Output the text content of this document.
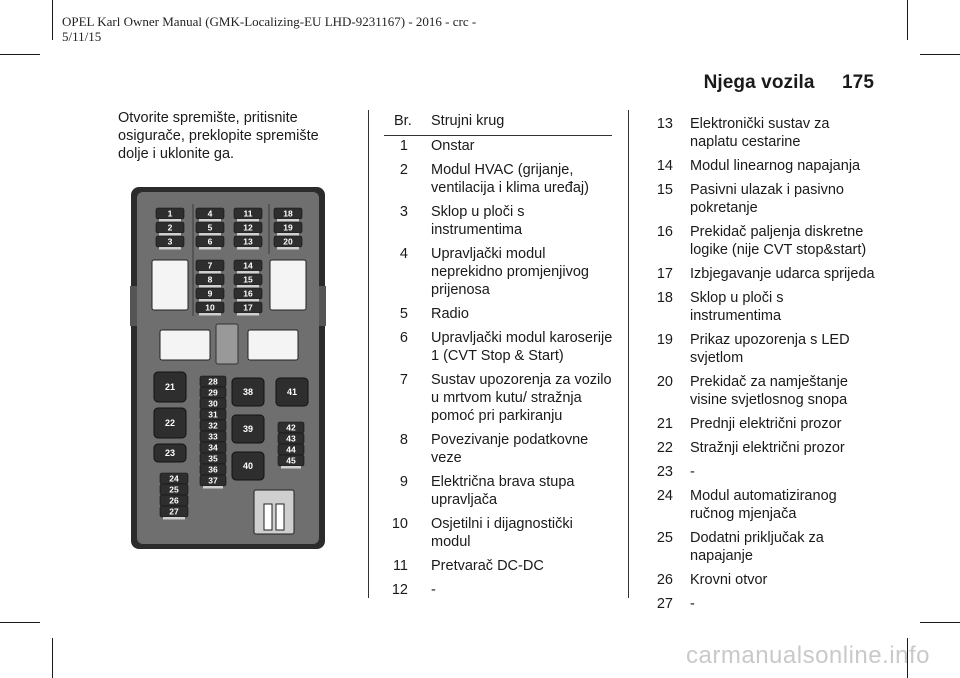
OPEL Karl Owner Manual (GMK-Localizing-EU LHD-9231167) - 2016 - crc -
5/11/15
Njega vozila 175
Otvorite spremište, pritisnite osigurače, preklopite spremište dolje i uklonite ga.
Br. Strujni krug
1 Onstar
2 Modul HVAC (grijanje, ventilacija i klima uređaj)
3 Sklop u ploči s instrumentima
4 Upravljački modul neprekidno promjenjivog prijenosa
5 Radio
6 Upravljački modul karoserije 1 (CVT Stop & Start)
7 Sustav upozorenja za vozilo u mrtvom kutu/ stražnja pomoć pri parkiranju
8 Povezivanje podatkovne veze
9 Električna brava stupa upravljača
10 Osjetilni i dijagnostički modul
11 Pretvarač DC-DC
12 -
13 Elektronički sustav za naplatu cestarine
14 Modul linearnog napajanja
15 Pasivni ulazak i pasivno pokretanje
16 Prekidač paljenja diskretne logike (nije CVT stop&start)
17 Izbjegavanje udarca sprijeda
18 Sklop u ploči s instrumentima
19 Prikaz upozorenja s LED svjetlom
20 Prekidač za namještanje visine svjetlosnog snopa
21 Prednji električni prozor
22 Stražnji električni prozor
23 -
24 Modul automatiziranog ručnog mjenjača
25 Dodatni priključak za napajanje
26 Krovni otvor
27 -
1
2
3
4
5
6
11
12
13
18
19
20
7
8
9
10
14
15
16
17
21
22
23
28
29
30
31
32
33
34
35
36
37
24
25
26
27
38
39
40
41
42
43
44
45
carmanualsonline.info
